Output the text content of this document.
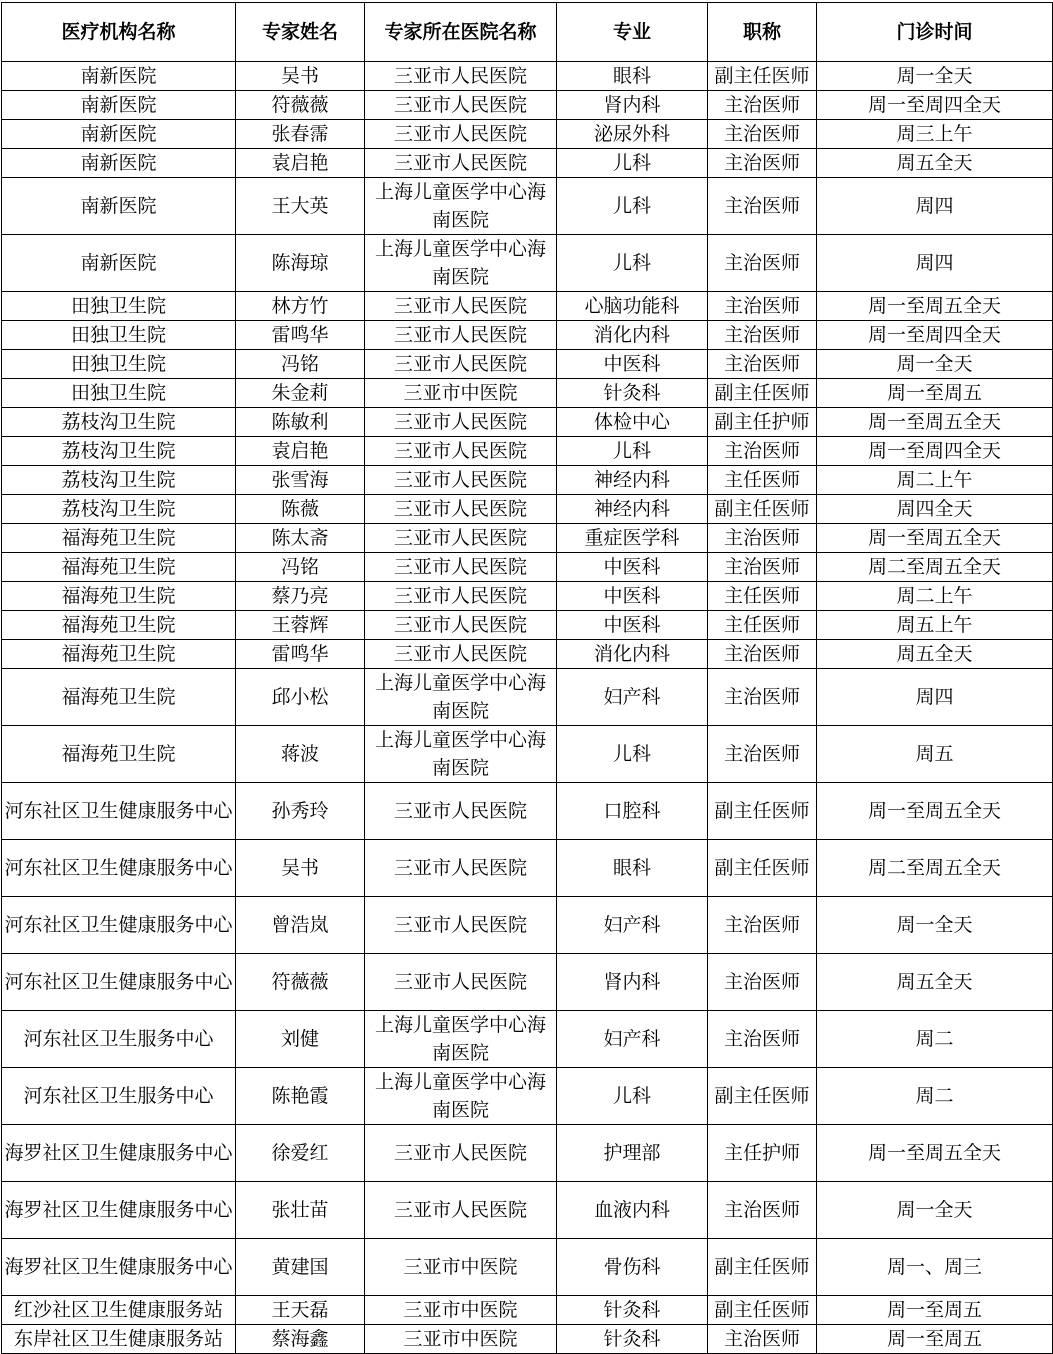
医疗机构名称	专家姓名	专家所在医院名称	专业	职称	门诊时间
南新医院	吴书	三亚市人民医院	眼科	副主任医师	周一全天
南新医院	符薇薇	三亚市人民医院	肾内科	主治医师	周一至周四全天
南新医院	张春霈	三亚市人民医院	泌尿外科	主治医师	周三上午
南新医院	袁启艳	三亚市人民医院	儿科	主治医师	周五全天
南新医院	王大英	上海儿童医学中心海南医院	儿科	主治医师	周四
南新医院	陈海琼	上海儿童医学中心海南医院	儿科	主治医师	周四
田独卫生院	林方竹	三亚市人民医院	心脑功能科	主治医师	周一至周五全天
田独卫生院	雷鸣华	三亚市人民医院	消化内科	主治医师	周一至周四全天
田独卫生院	冯铭	三亚市人民医院	中医科	主治医师	周一全天
田独卫生院	朱金莉	三亚市中医院	针灸科	副主任医师	周一至周五
荔枝沟卫生院	陈敏利	三亚市人民医院	体检中心	副主任护师	周一至周五全天
荔枝沟卫生院	袁启艳	三亚市人民医院	儿科	主治医师	周一至周四全天
荔枝沟卫生院	张雪海	三亚市人民医院	神经内科	主任医师	周二上午
荔枝沟卫生院	陈薇	三亚市人民医院	神经内科	副主任医师	周四全天
福海苑卫生院	陈太斋	三亚市人民医院	重症医学科	主治医师	周一至周五全天
福海苑卫生院	冯铭	三亚市人民医院	中医科	主治医师	周二至周五全天
福海苑卫生院	蔡乃亮	三亚市人民医院	中医科	主任医师	周二上午
福海苑卫生院	王蓉辉	三亚市人民医院	中医科	主任医师	周五上午
福海苑卫生院	雷鸣华	三亚市人民医院	消化内科	主治医师	周五全天
福海苑卫生院	邱小松	上海儿童医学中心海南医院	妇产科	主治医师	周四
福海苑卫生院	蒋波	上海儿童医学中心海南医院	儿科	主治医师	周五
河东社区卫生健康服务中心	孙秀玲	三亚市人民医院	口腔科	副主任医师	周一至周五全天
河东社区卫生健康服务中心	吴书	三亚市人民医院	眼科	副主任医师	周二至周五全天
河东社区卫生健康服务中心	曾浩岚	三亚市人民医院	妇产科	主治医师	周一全天
河东社区卫生健康服务中心	符薇薇	三亚市人民医院	肾内科	主治医师	周五全天
河东社区卫生服务中心	刘健	上海儿童医学中心海南医院	妇产科	主治医师	周二
河东社区卫生服务中心	陈艳霞	上海儿童医学中心海南医院	儿科	副主任医师	周二
海罗社区卫生健康服务中心	徐爱红	三亚市人民医院	护理部	主任护师	周一至周五全天
海罗社区卫生健康服务中心	张壮苗	三亚市人民医院	血液内科	主治医师	周一全天
海罗社区卫生健康服务中心	黄建国	三亚市中医院	骨伤科	副主任医师	周一、周三
红沙社区卫生健康服务站	王天磊	三亚市中医院	针灸科	副主任医师	周一至周五
东岸社区卫生健康服务站	蔡海鑫	三亚市中医院	针灸科	主治医师	周一至周五
